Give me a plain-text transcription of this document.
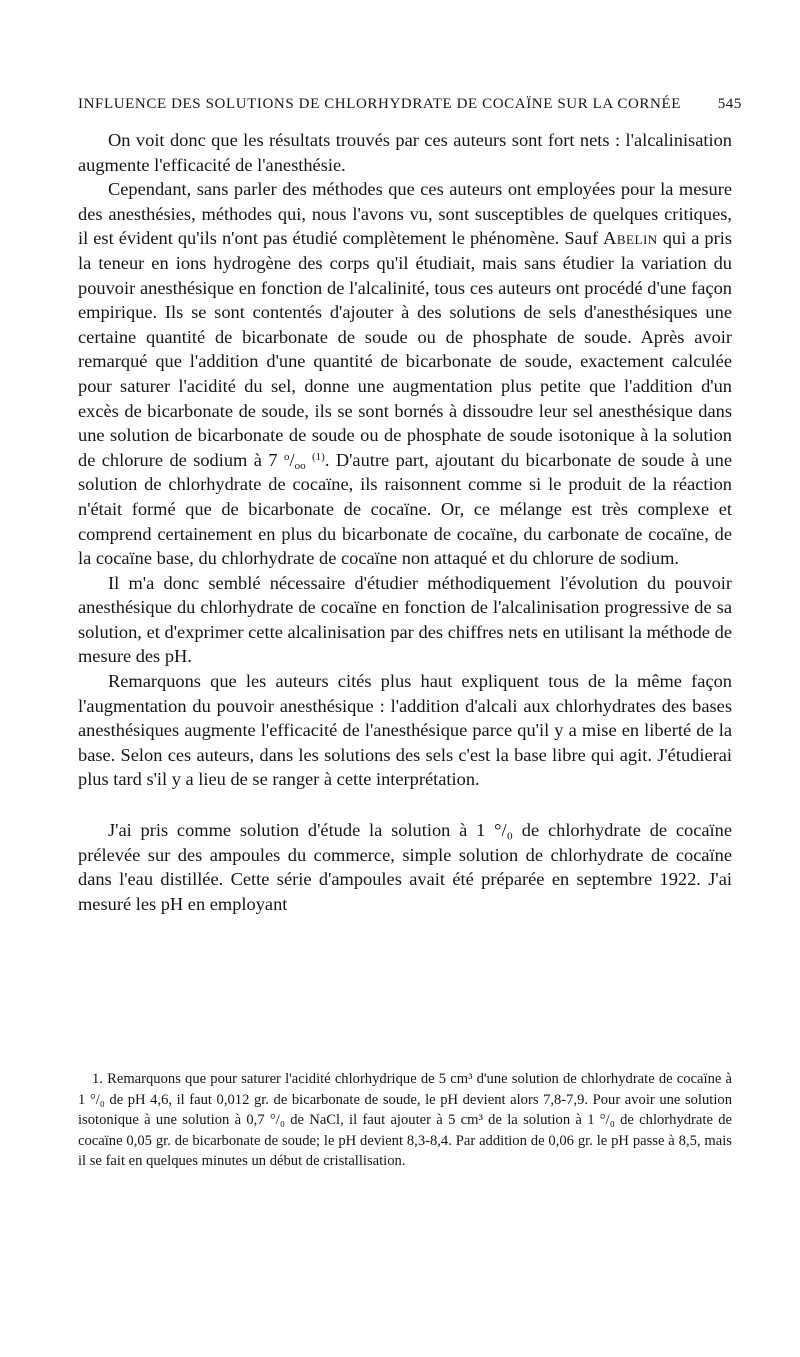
INFLUENCE DES SOLUTIONS DE CHLORHYDRATE DE COCAÏNE SUR LA CORNÉE 545

On voit donc que les résultats trouvés par ces auteurs sont fort nets : l'alcalinisation augmente l'efficacité de l'anesthésie.

Cependant, sans parler des méthodes que ces auteurs ont employées pour la mesure des anesthésies, méthodes qui, nous l'avons vu, sont susceptibles de quelques critiques, il est évident qu'ils n'ont pas étudié complètement le phénomène. Sauf Abelin qui a pris la teneur en ions hydrogène des corps qu'il étudiait, mais sans étudier la variation du pouvoir anesthésique en fonction de l'alcalinité, tous ces auteurs ont procédé d'une façon empirique. Ils se sont contentés d'ajouter à des solutions de sels d'anesthésiques une certaine quantité de bicarbonate de soude ou de phosphate de soude. Après avoir remarqué que l'addition d'une quantité de bicarbonate de soude, exactement calculée pour saturer l'acidité du sel, donne une augmentation plus petite que l'addition d'un excès de bicarbonate de soude, ils se sont bornés à dissoudre leur sel anesthésique dans une solution de bicarbonate de soude ou de phosphate de soude isotonique à la solution de chlorure de sodium à 7 $^o/_{oo}$ $^{(1)}$. D'autre part, ajoutant du bicarbonate de soude à une solution de chlorhydrate de cocaïne, ils raisonnent comme si le produit de la réaction n'était formé que de bicarbonate de cocaïne. Or, ce mélange est très complexe et comprend certainement en plus du bicarbonate de cocaïne, du carbonate de cocaïne, de la cocaïne base, du chlorhydrate de cocaïne non attaqué et du chlorure de sodium.

Il m'a donc semblé nécessaire d'étudier méthodiquement l'évolution du pouvoir anesthésique du chlorhydrate de cocaïne en fonction de l'alcalinisation progressive de sa solution, et d'exprimer cette alcalinisation par des chiffres nets en utilisant la méthode de mesure des pH.

Remarquons que les auteurs cités plus haut expliquent tous de la même façon l'augmentation du pouvoir anesthésique : l'addition d'alcali aux chlorhydrates des bases anesthésiques augmente l'efficacité de l'anesthésique parce qu'il y a mise en liberté de la base. Selon ces auteurs, dans les solutions des sels c'est la base libre qui agit. J'étudierai plus tard s'il y a lieu de se ranger à cette interprétation.

J'ai pris comme solution d'étude la solution à 1 °/₀ de chlorhydrate de cocaïne prélevée sur des ampoules du commerce, simple solution de chlorhydrate de cocaïne dans l'eau distillée. Cette série d'ampoules avait été préparée en septembre 1922. J'ai mesuré les pH en employant

1. Remarquons que pour saturer l'acidité chlorhydrique de 5 cm³ d'une solution de chlorhydrate de cocaïne à 1 °/₀ de pH 4,6, il faut 0,012 gr. de bicarbonate de soude, le pH devient alors 7,8-7,9. Pour avoir une solution isotonique à une solution à 0,7 °/₀ de NaCl, il faut ajouter à 5 cm³ de la solution à 1 °/₀ de chlorhydrate de cocaïne 0,05 gr. de bicarbonate de soude; le pH devient 8,3-8,4. Par addition de 0,06 gr. le pH passe à 8,5, mais il se fait en quelques minutes un début de cristallisation.
